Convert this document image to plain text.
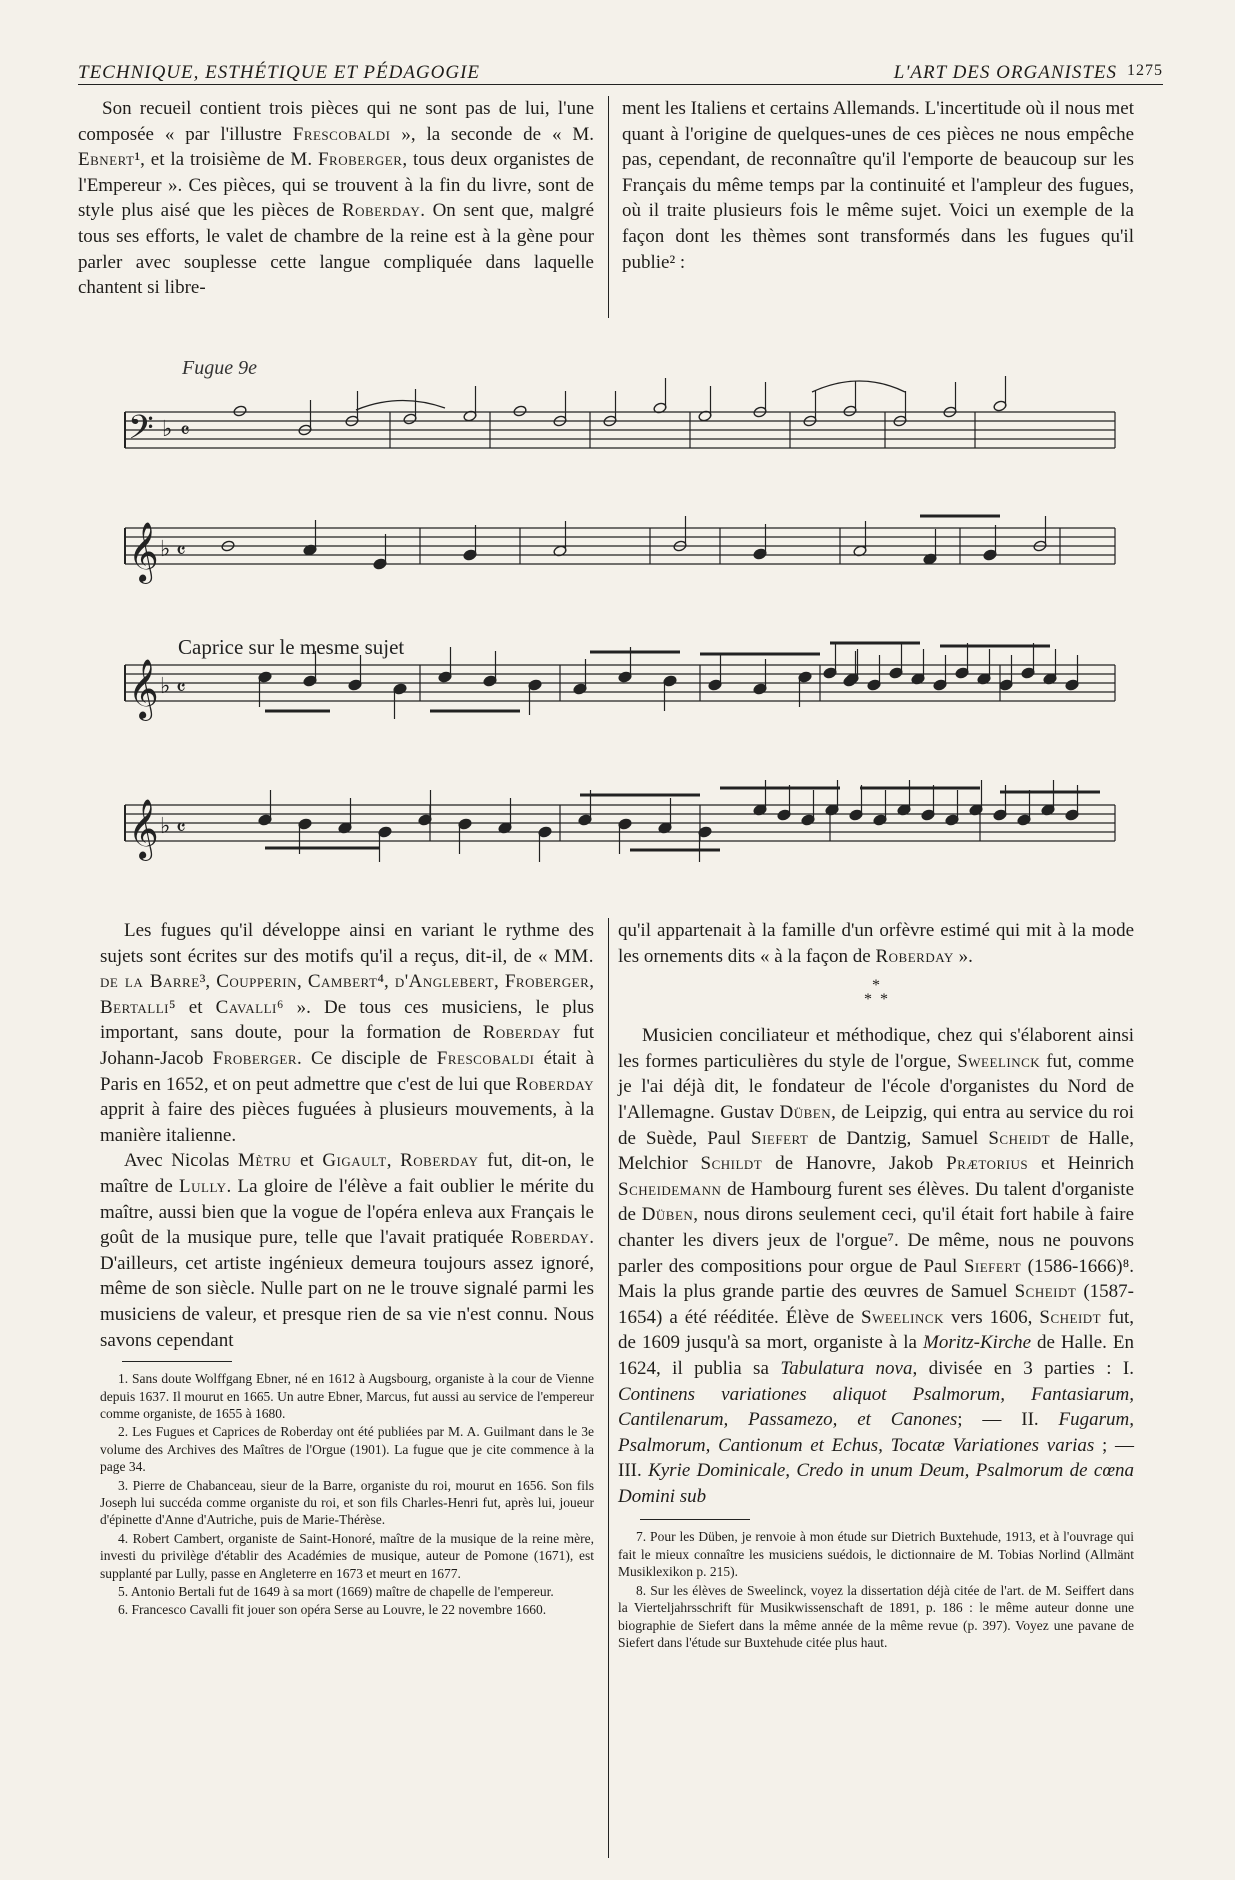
TECHNIQUE, ESTHÉTIQUE ET PÉDAGOGIE	L'ART DES ORGANISTES 1275

Son recueil contient trois pièces qui ne sont pas de lui, l'une composée « par l'illustre Frescobaldi », la seconde de « M. Ebnert¹, et la troisième de M. Froberger, tous deux organistes de l'Empereur ». Ces pièces, qui se trouvent à la fin du livre, sont de style plus aisé que les pièces de Roberday. On sent que, malgré tous ses efforts, le valet de chambre de la reine est à la gène pour parler avec souplesse cette langue compliquée dans laquelle chantent si libre-

ment les Italiens et certains Allemands. L'incertitude où il nous met quant à l'origine de quelques-unes de ces pièces ne nous empêche pas, cependant, de reconnaître qu'il l'emporte de beaucoup sur les Français du même temps par la continuité et l'ampleur des fugues, où il traite plusieurs fois le même sujet. Voici un exemple de la façon dont les thèmes sont transformés dans les fugues qu'il publie² :

𝄢
𝄞
𝄞
𝄞
♭ 𝄴
♭ 𝄴
♭ 𝄴
♭ 𝄴
Fugue 9e
Caprice sur le mesme sujet

Les fugues qu'il développe ainsi en variant le rythme des sujets sont écrites sur des motifs qu'il a reçus, dit-il, de « MM. de la Barre³, Coupperin, Cambert⁴, d'Anglebert, Froberger, Bertalli⁵ et Cavalli⁶ ». De tous ces musiciens, le plus important, sans doute, pour la formation de Roberday fut Johann-Jacob Froberger. Ce disciple de Frescobaldi était à Paris en 1652, et on peut admettre que c'est de lui que Roberday apprit à faire des pièces fuguées à plusieurs mouvements, à la manière italienne.

Avec Nicolas Mètru et Gigault, Roberday fut, dit-on, le maître de Lully. La gloire de l'élève a fait oublier le mérite du maître, aussi bien que la vogue de l'opéra enleva aux Français le goût de la musique pure, telle que l'avait pratiquée Roberday. D'ailleurs, cet artiste ingénieux demeura toujours assez ignoré, même de son siècle. Nulle part on ne le trouve signalé parmi les musiciens de valeur, et presque rien de sa vie n'est connu. Nous savons cependant

1. Sans doute Wolffgang Ebner, né en 1612 à Augsbourg, organiste à la cour de Vienne depuis 1637. Il mourut en 1665. Un autre Ebner, Marcus, fut aussi au service de l'empereur comme organiste, de 1655 à 1680.

2. Les Fugues et Caprices de Roberday ont été publiées par M. A. Guilmant dans le 3e volume des Archives des Maîtres de l'Orgue (1901). La fugue que je cite commence à la page 34.

3. Pierre de Chabanceau, sieur de la Barre, organiste du roi, mourut en 1656. Son fils Joseph lui succéda comme organiste du roi, et son fils Charles-Henri fut, après lui, joueur d'épinette d'Anne d'Autriche, puis de Marie-Thérèse.

4. Robert Cambert, organiste de Saint-Honoré, maître de la musique de la reine mère, investi du privilège d'établir des Académies de musique, auteur de Pomone (1671), est supplanté par Lully, passe en Angleterre en 1673 et meurt en 1677.

5. Antonio Bertali fut de 1649 à sa mort (1669) maître de chapelle de l'empereur.

6. Francesco Cavalli fit jouer son opéra Serse au Louvre, le 22 novembre 1660.

qu'il appartenait à la famille d'un orfèvre estimé qui mit à la mode les ornements dits « à la façon de Roberday ».

*
*  *

Musicien conciliateur et méthodique, chez qui s'élaborent ainsi les formes particulières du style de l'orgue, Sweelinck fut, comme je l'ai déjà dit, le fondateur de l'école d'organistes du Nord de l'Allemagne. Gustav Düben, de Leipzig, qui entra au service du roi de Suède, Paul Siefert de Dantzig, Samuel Scheidt de Halle, Melchior Schildt de Hanovre, Jakob Prætorius et Heinrich Scheidemann de Hambourg furent ses élèves. Du talent d'organiste de Düben, nous dirons seulement ceci, qu'il était fort habile à faire chanter les divers jeux de l'orgue⁷. De même, nous ne pouvons parler des compositions pour orgue de Paul Siefert (1586-1666)⁸. Mais la plus grande partie des œuvres de Samuel Scheidt (1587-1654) a été rééditée. Élève de Sweelinck vers 1606, Scheidt fut, de 1609 jusqu'à sa mort, organiste à la Moritz-Kirche de Halle. En 1624, il publia sa Tabulatura nova, divisée en 3 parties : I. Continens variationes aliquot Psalmorum, Fantasiarum, Cantilenarum, Passamezo, et Canones; — II. Fugarum, Psalmorum, Cantionum et Echus, Tocatæ Variationes varias ; — III. Kyrie Dominicale, Credo in unum Deum, Psalmorum de cœna Domini sub

7. Pour les Düben, je renvoie à mon étude sur Dietrich Buxtehude, 1913, et à l'ouvrage qui fait le mieux connaître les musiciens suédois, le dictionnaire de M. Tobias Norlind (Allmänt Musiklexikon p. 215).

8. Sur les élèves de Sweelinck, voyez la dissertation déjà citée de l'art. de M. Seiffert dans la Vierteljahrsschrift für Musikwissenschaft de 1891, p. 186 : le même auteur donne une biographie de Siefert dans la même année de la même revue (p. 397). Voyez une pavane de Siefert dans l'étude sur Buxtehude citée plus haut.
